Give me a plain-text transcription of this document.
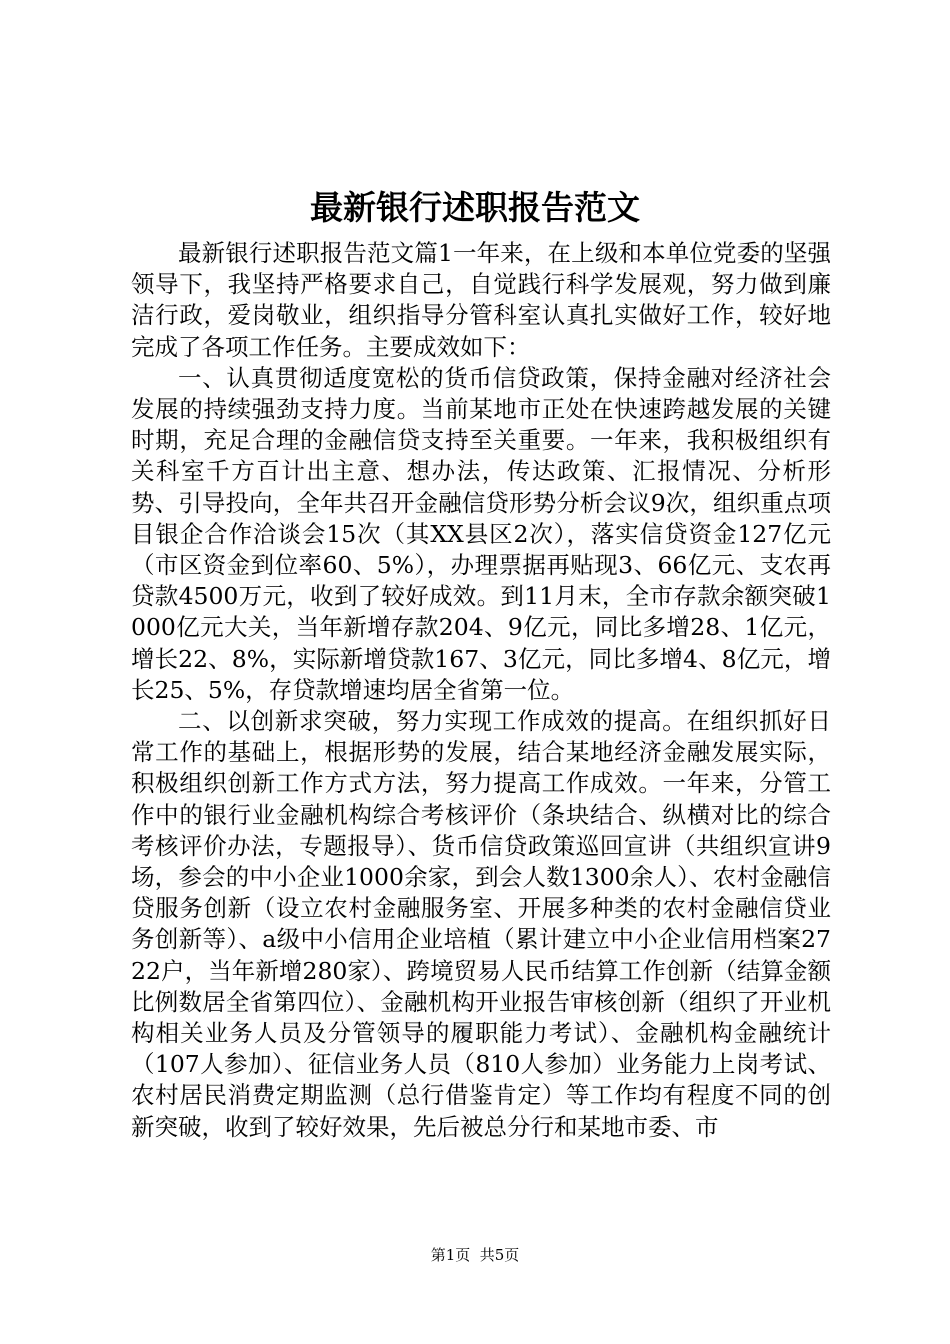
最新银行述职报告范文

最新银行述职报告范文篇1一年来，在上级和本单位党委的坚强领导下，我坚持严格要求自己，自觉践行科学发展观，努力做到廉洁行政，爱岗敬业，组织指导分管科室认真扎实做好工作，较好地完成了各项工作任务。主要成效如下：

一、认真贯彻适度宽松的货币信贷政策，保持金融对经济社会发展的持续强劲支持力度。当前某地市正处在快速跨越发展的关键时期，充足合理的金融信贷支持至关重要。一年来，我积极组织有关科室千方百计出主意、想办法，传达政策、汇报情况、分析形势、引导投向，全年共召开金融信贷形势分析会议9次，组织重点项目银企合作洽谈会15次（其XX县区2次），落实信贷资金127亿元（市区资金到位率60、5%），办理票据再贴现3、66亿元、支农再贷款4500万元，收到了较好成效。到11月末，全市存款余额突破1000亿元大关，当年新增存款204、9亿元，同比多增28、1亿元，增长22、8%，实际新增贷款167、3亿元，同比多增4、8亿元，增长25、5%，存贷款增速均居全省第一位。

二、以创新求突破，努力实现工作成效的提高。在组织抓好日常工作的基础上，根据形势的发展，结合某地经济金融发展实际，积极组织创新工作方式方法，努力提高工作成效。一年来，分管工作中的银行业金融机构综合考核评价（条块结合、纵横对比的综合考核评价办法，专题报导）、货币信贷政策巡回宣讲（共组织宣讲9场，参会的中小企业1000余家，到会人数1300余人）、农村金融信贷服务创新（设立农村金融服务室、开展多种类的农村金融信贷业务创新等）、a级中小信用企业培植（累计建立中小企业信用档案2722户，当年新增280家）、跨境贸易人民币结算工作创新（结算金额比例数居全省第四位）、金融机构开业报告审核创新（组织了开业机构相关业务人员及分管领导的履职能力考试）、金融机构金融统计（107人参加）、征信业务人员（810人参加）业务能力上岗考试、农村居民消费定期监测（总行借鉴肯定）等工作均有程度不同的创新突破，收到了较好效果，先后被总分行和某地市委、市

第1页  共5页
